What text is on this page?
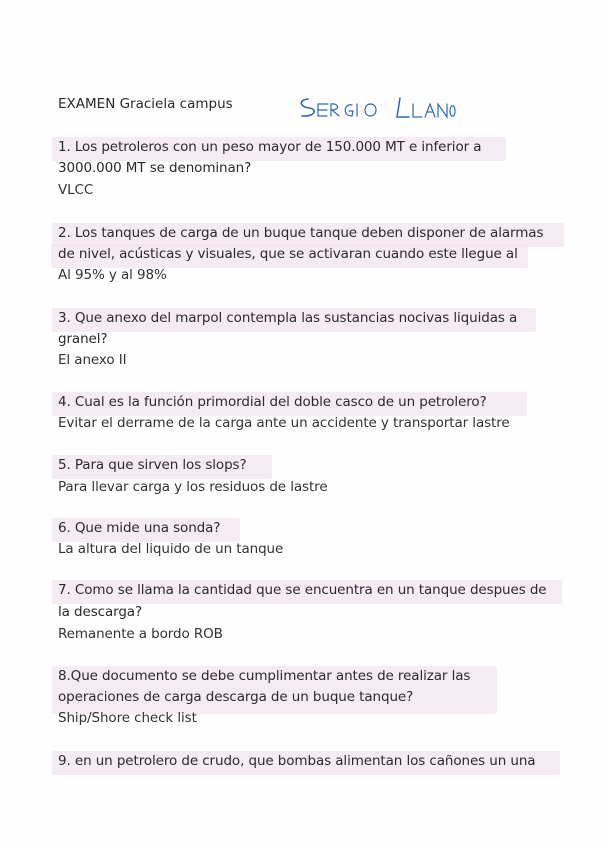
EXAMEN Graciela campus

1. Los petroleros con un peso mayor de 150.000 MT e inferior a

3000.000 MT se denominan?

VLCC

2. Los tanques de carga de un buque tanque deben disponer de alarmas

de nivel, acústicas y visuales, que se activaran cuando este llegue al

Al 95% y al 98%

3. Que anexo del marpol contempla las sustancias nocivas liquidas a

granel?

El anexo II

4. Cual es la función primordial del doble casco de un petrolero?

Evitar el derrame de la carga ante un accidente y transportar lastre

5. Para que sirven los slops?

Para llevar carga y los residuos de lastre

6. Que mide una sonda?

La altura del liquido de un tanque

7. Como se llama la cantidad que se encuentra en un tanque despues de

la descarga?

Remanente a bordo ROB

8.Que documento se debe cumplimentar antes de realizar las

operaciones de carga descarga de un buque tanque?

Ship/Shore check list

9. en un petrolero de crudo, que bombas alimentan los cañones un una
